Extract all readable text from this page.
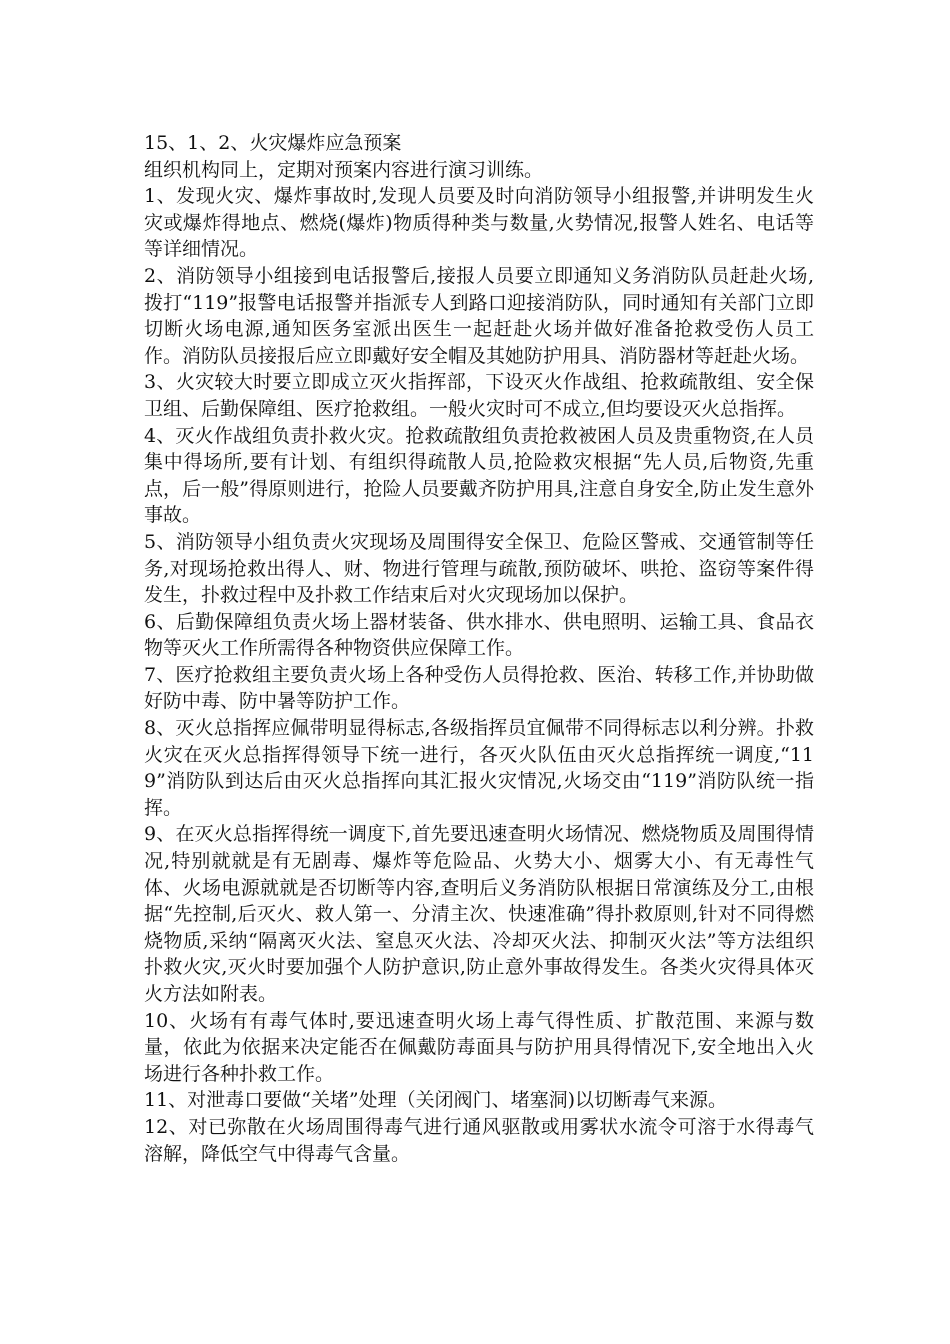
15、1、2、火灾爆炸应急预案

组织机构同上，定期对预案内容进行演习训练。

1、发现火灾、爆炸事故时,发现人员要及时向消防领导小组报警,并讲明发生火灾或爆炸得地点、燃烧(爆炸)物质得种类与数量,火势情况,报警人姓名、电话等等详细情况。

2、消防领导小组接到电话报警后,接报人员要立即通知义务消防队员赶赴火场,拨打“119”报警电话报警并指派专人到路口迎接消防队，同时通知有关部门立即切断火场电源,通知医务室派出医生一起赶赴火场并做好准备抢救受伤人员工作。消防队员接报后应立即戴好安全帽及其她防护用具、消防器材等赶赴火场。

3、火灾较大时要立即成立灭火指挥部，下设灭火作战组、抢救疏散组、安全保卫组、后勤保障组、医疗抢救组。一般火灾时可不成立,但均要设灭火总指挥。

4、灭火作战组负责扑救火灾。抢救疏散组负责抢救被困人员及贵重物资,在人员集中得场所,要有计划、有组织得疏散人员,抢险救灾根据“先人员,后物资,先重点，后一般”得原则进行，抢险人员要戴齐防护用具,注意自身安全,防止发生意外事故。

5、消防领导小组负责火灾现场及周围得安全保卫、危险区警戒、交通管制等任务,对现场抢救出得人、财、物进行管理与疏散,预防破坏、哄抢、盗窃等案件得发生，扑救过程中及扑救工作结束后对火灾现场加以保护。

6、后勤保障组负责火场上器材装备、供水排水、供电照明、运输工具、食品衣物等灭火工作所需得各种物资供应保障工作。

7、医疗抢救组主要负责火场上各种受伤人员得抢救、医治、转移工作,并协助做好防中毒、防中暑等防护工作。

8、灭火总指挥应佩带明显得标志,各级指挥员宜佩带不同得标志以利分辨。扑救火灾在灭火总指挥得领导下统一进行，各灭火队伍由灭火总指挥统一调度,“119”消防队到达后由灭火总指挥向其汇报火灾情况,火场交由“119”消防队统一指挥。

9、在灭火总指挥得统一调度下,首先要迅速查明火场情况、燃烧物质及周围得情况,特别就就是有无剧毒、爆炸等危险品、火势大小、烟雾大小、有无毒性气体、火场电源就就是否切断等内容,查明后义务消防队根据日常演练及分工,由根据“先控制,后灭火、救人第一、分清主次、快速准确”得扑救原则,针对不同得燃烧物质,采纳“隔离灭火法、窒息灭火法、冷却灭火法、抑制灭火法”等方法组织扑救火灾,灭火时要加强个人防护意识,防止意外事故得发生。各类火灾得具体灭火方法如附表。

10、火场有有毒气体时,要迅速查明火场上毒气得性质、扩散范围、来源与数量，依此为依据来决定能否在佩戴防毒面具与防护用具得情况下,安全地出入火场进行各种扑救工作。

11、对泄毒口要做“关堵”处理（关闭阀门、堵塞洞)以切断毒气来源。

12、对已弥散在火场周围得毒气进行通风驱散或用雾状水流令可溶于水得毒气溶解，降低空气中得毒气含量。
